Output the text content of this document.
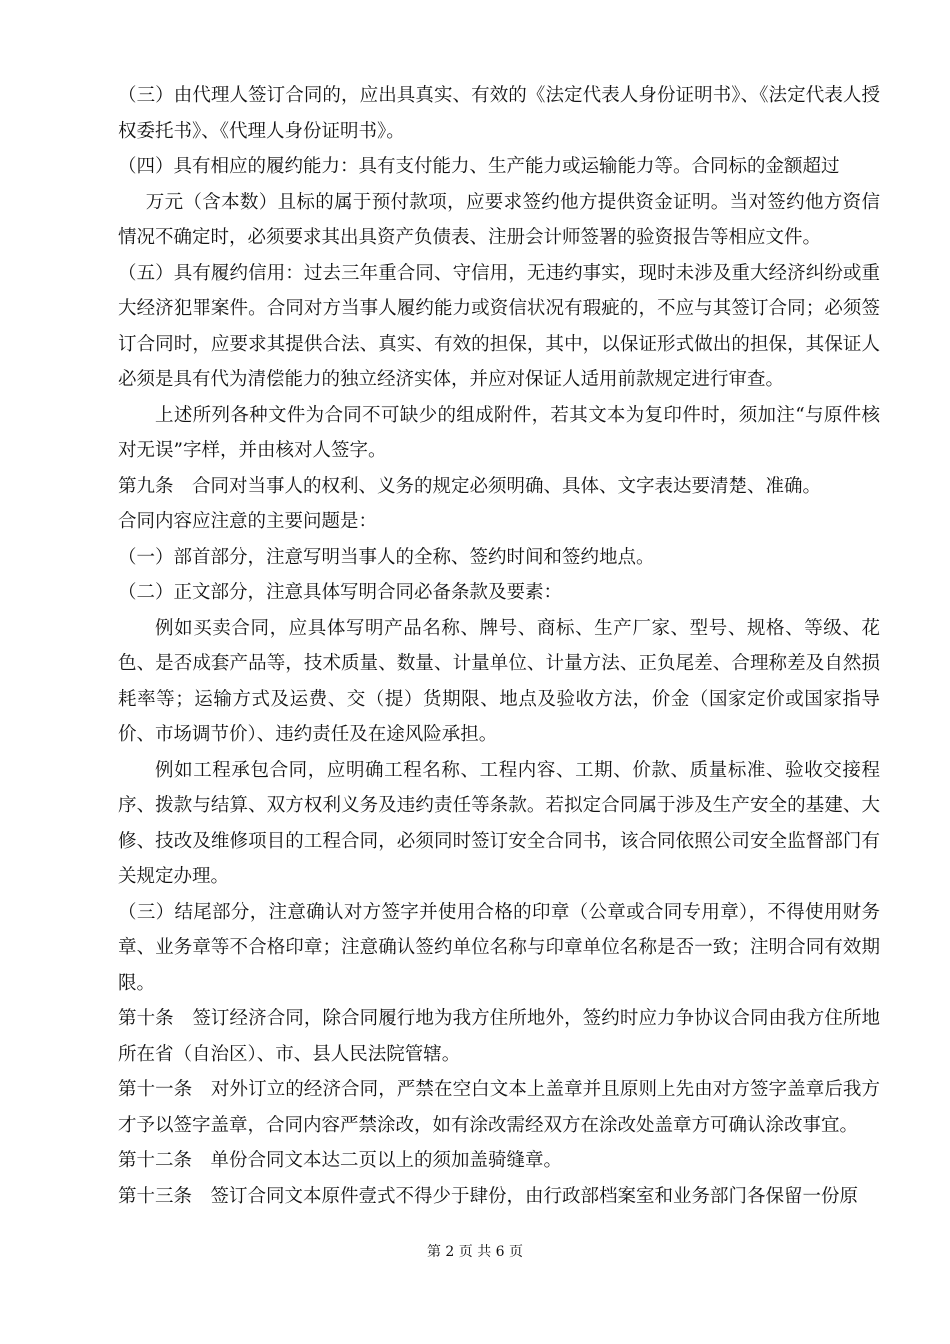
（三）由代理人签订合同的，应出具真实、有效的《法定代表人身份证明书》、《法定代表人授权委托书》、《代理人身份证明书》。

（四）具有相应的履约能力：具有支付能力、生产能力或运输能力等。合同标的金额超过

万元（含本数）且标的属于预付款项，应要求签约他方提供资金证明。当对签约他方资信情况不确定时，必须要求其出具资产负债表、注册会计师签署的验资报告等相应文件。

（五）具有履约信用：过去三年重合同、守信用，无违约事实，现时未涉及重大经济纠纷或重大经济犯罪案件。合同对方当事人履约能力或资信状况有瑕疵的，不应与其签订合同；必须签订合同时，应要求其提供合法、真实、有效的担保，其中，以保证形式做出的担保，其保证人必须是具有代为清偿能力的独立经济实体，并应对保证人适用前款规定进行审查。

上述所列各种文件为合同不可缺少的组成附件，若其文本为复印件时，须加注“与原件核对无误”字样，并由核对人签字。

第九条　合同对当事人的权利、义务的规定必须明确、具体、文字表达要清楚、准确。

合同内容应注意的主要问题是：

（一）部首部分，注意写明当事人的全称、签约时间和签约地点。

（二）正文部分，注意具体写明合同必备条款及要素：

例如买卖合同，应具体写明产品名称、牌号、商标、生产厂家、型号、规格、等级、花色、是否成套产品等，技术质量、数量、计量单位、计量方法、正负尾差、合理称差及自然损耗率等；运输方式及运费、交（提）货期限、地点及验收方法，价金（国家定价或国家指导价、市场调节价）、违约责任及在途风险承担。

例如工程承包合同，应明确工程名称、工程内容、工期、价款、质量标准、验收交接程序、拨款与结算、双方权利义务及违约责任等条款。若拟定合同属于涉及生产安全的基建、大修、技改及维修项目的工程合同，必须同时签订安全合同书，该合同依照公司安全监督部门有关规定办理。

（三）结尾部分，注意确认对方签字并使用合格的印章（公章或合同专用章），不得使用财务章、业务章等不合格印章；注意确认签约单位名称与印章单位名称是否一致；注明合同有效期限。

第十条　签订经济合同，除合同履行地为我方住所地外，签约时应力争协议合同由我方住所地所在省（自治区）、市、县人民法院管辖。

第十一条　对外订立的经济合同，严禁在空白文本上盖章并且原则上先由对方签字盖章后我方才予以签字盖章，合同内容严禁涂改，如有涂改需经双方在涂改处盖章方可确认涂改事宜。

第十二条　单份合同文本达二页以上的须加盖骑缝章。

第十三条　签订合同文本原件壹式不得少于肆份，由行政部档案室和业务部门各保留一份原

第 2 页 共 6 页
